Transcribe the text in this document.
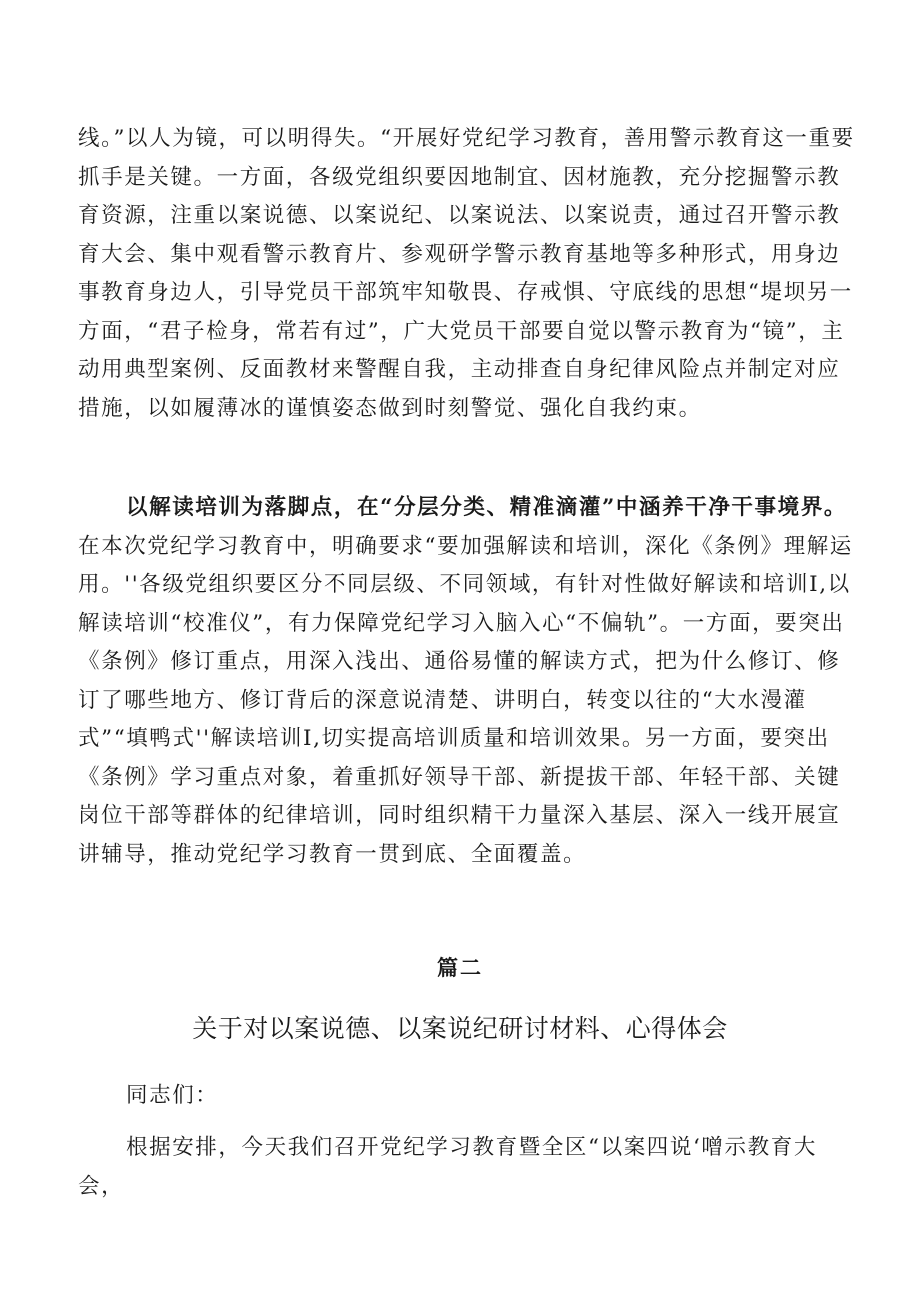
线。”以人为镜，可以明得失。“开展好党纪学习教育，善用警示教育这一重要抓手是关键。一方面，各级党组织要因地制宜、因材施教，充分挖掘警示教育资源，注重以案说德、以案说纪、以案说法、以案说责，通过召开警示教育大会、集中观看警示教育片、参观研学警示教育基地等多种形式，用身边事教育身边人，引导党员干部筑牢知敬畏、存戒惧、守底线的思想“堤坝另一方面，“君子检身，常若有过”，广大党员干部要自觉以警示教育为“镜”，主动用典型案例、反面教材来警醒自我，主动排查自身纪律风险点并制定对应措施，以如履薄冰的谨慎姿态做到时刻警觉、强化自我约束。

以解读培训为落脚点，在“分层分类、精准滴灌”中涵养干净干事境界。在本次党纪学习教育中，明确要求“要加强解读和培训，深化《条例》理解运用。''各级党组织要区分不同层级、不同领域，有针对性做好解读和培训Ι,以解读培训“校准仪”，有力保障党纪学习入脑入心“不偏轨”。一方面，要突出《条例》修订重点，用深入浅出、通俗易懂的解读方式，把为什么修订、修订了哪些地方、修订背后的深意说清楚、讲明白，转变以往的“大水漫灌式”“填鸭式''解读培训Ι,切实提高培训质量和培训效果。另一方面，要突出《条例》学习重点对象，着重抓好领导干部、新提拔干部、年轻干部、关键岗位干部等群体的纪律培训，同时组织精干力量深入基层、深入一线开展宣讲辅导，推动党纪学习教育一贯到底、全面覆盖。

篇二

关于对以案说德、以案说纪研讨材料、心得体会

同志们：

根据安排，今天我们召开党纪学习教育暨全区“以案四说‘噌示教育大会，
